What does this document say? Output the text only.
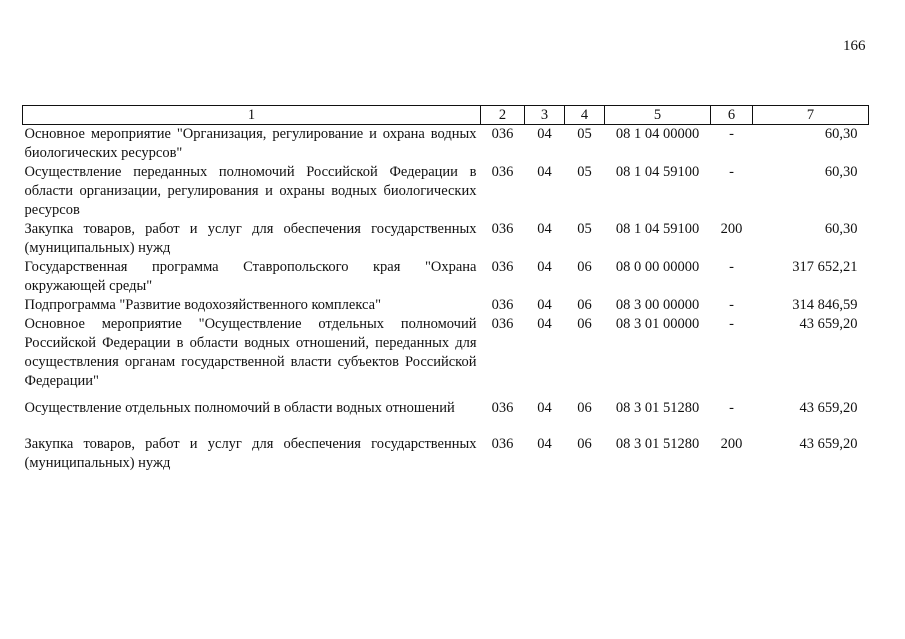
166
1	2	3	4	5	6	7
Основное мероприятие "Организация, регулирование и охрана водных биологических ресурсов"	036	04	05	08 1 04 00000	-	60,30
Осуществление переданных полномочий Российской Федерации в области организации, регулирования и охраны водных биологических ресурсов	036	04	05	08 1 04 59100	-	60,30
Закупка товаров, работ и услуг для обеспечения государственных (муниципальных) нужд	036	04	05	08 1 04 59100	200	60,30
Государственная программа Ставропольского края "Охрана окружающей среды"	036	04	06	08 0 00 00000	-	317 652,21
Подпрограмма "Развитие водохозяйственного комплекса"	036	04	06	08 3 00 00000	-	314 846,59
Основное мероприятие "Осуществление отдельных полномочий Российской Федерации в области водных отношений, переданных для осуществления органам государственной власти субъектов Российской Федерации"	036	04	06	08 3 01 00000	-	43 659,20

Осуществление отдельных полномочий в области водных отношений	036	04	06	08 3 01 51280	-	43 659,20

Закупка товаров, работ и услуг для обеспечения государственных (муниципальных) нужд	036	04	06	08 3 01 51280	200	43 659,20
